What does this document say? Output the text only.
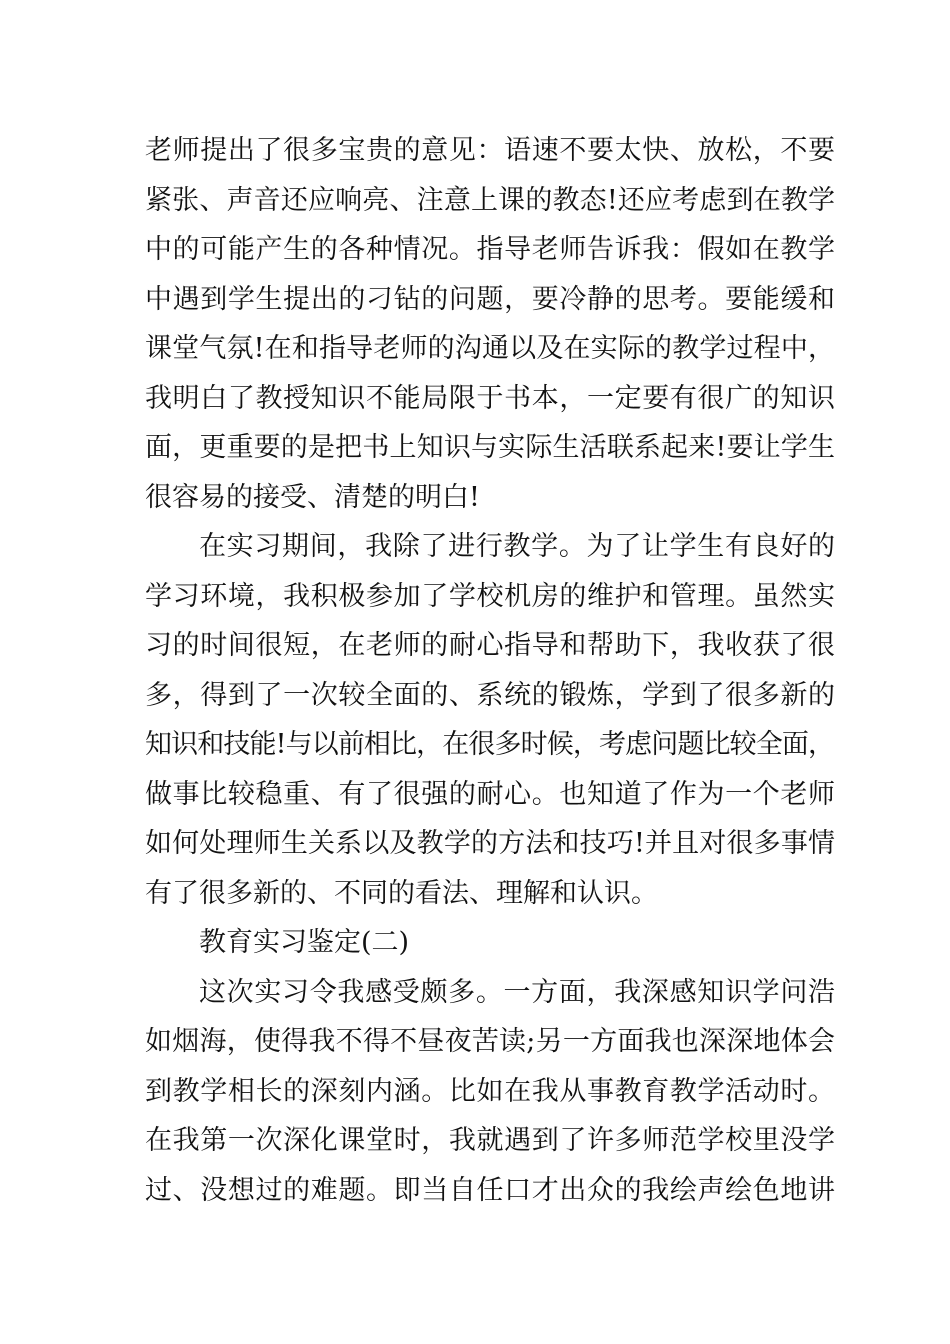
老师提出了很多宝贵的意见：语速不要太快、放松，不要
紧张、声音还应响亮、注意上课的教态!还应考虑到在教学
中的可能产生的各种情况。指导老师告诉我：假如在教学
中遇到学生提出的刁钻的问题，要冷静的思考。要能缓和
课堂气氛!在和指导老师的沟通以及在实际的教学过程中，
我明白了教授知识不能局限于书本，一定要有很广的知识
面，更重要的是把书上知识与实际生活联系起来!要让学生
很容易的接受、清楚的明白!
在实习期间，我除了进行教学。为了让学生有良好的
学习环境，我积极参加了学校机房的维护和管理。虽然实
习的时间很短，在老师的耐心指导和帮助下，我收获了很
多，得到了一次较全面的、系统的锻炼，学到了很多新的
知识和技能!与以前相比，在很多时候，考虑问题比较全面，
做事比较稳重、有了很强的耐心。也知道了作为一个老师
如何处理师生关系以及教学的方法和技巧!并且对很多事情
有了很多新的、不同的看法、理解和认识。
教育实习鉴定(二)
这次实习令我感受颇多。一方面，我深感知识学问浩
如烟海，使得我不得不昼夜苦读;另一方面我也深深地体会
到教学相长的深刻内涵。比如在我从事教育教学活动时。
在我第一次深化课堂时，我就遇到了许多师范学校里没学
过、没想过的难题。即当自任口才出众的我绘声绘色地讲
